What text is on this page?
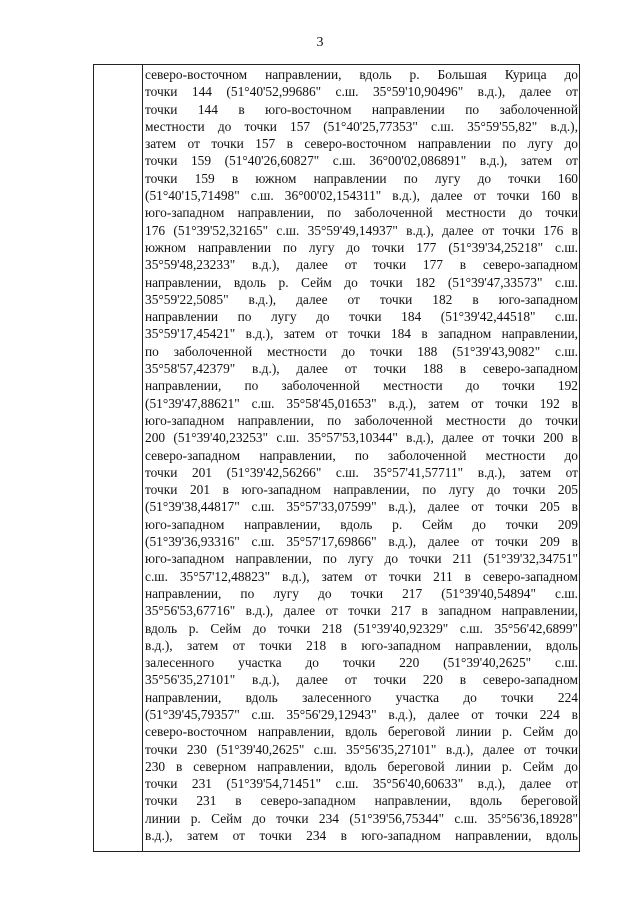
3
северо-восточном направлении, вдоль р. Большая Курица до
точки 144 (51°40'52,99686" с.ш. 35°59'10,90496" в.д.), далее от
точки 144 в юго-восточном направлении по заболоченной
местности до точки 157 (51°40'25,77353" с.ш. 35°59'55,82" в.д.),
затем от точки 157 в северо-восточном направлении по лугу до
точки 159 (51°40'26,60827" с.ш. 36°00'02,086891" в.д.), затем от
точки 159 в южном направлении по лугу до точки 160
(51°40'15,71498" с.ш. 36°00'02,154311" в.д.), далее от точки 160 в
юго-западном направлении, по заболоченной местности до точки
176 (51°39'52,32165" с.ш. 35°59'49,14937" в.д.), далее от точки 176 в
южном направлении по лугу до точки 177 (51°39'34,25218" с.ш.
35°59'48,23233" в.д.), далее от точки 177 в северо-западном
направлении, вдоль р. Сейм до точки 182 (51°39'47,33573" с.ш.
35°59'22,5085" в.д.), далее от точки 182 в юго-западном
направлении по лугу до точки 184 (51°39'42,44518" с.ш.
35°59'17,45421" в.д.), затем от точки 184 в западном направлении,
по заболоченной местности до точки 188 (51°39'43,9082" с.ш.
35°58'57,42379" в.д.), далее от точки 188 в северо-западном
направлении, по заболоченной местности до точки 192
(51°39'47,88621" с.ш. 35°58'45,01653" в.д.), затем от точки 192 в
юго-западном направлении, по заболоченной местности до точки
200 (51°39'40,23253" с.ш. 35°57'53,10344" в.д.), далее от точки 200 в
северо-западном направлении, по заболоченной местности до
точки 201 (51°39'42,56266" с.ш. 35°57'41,57711" в.д.), затем от
точки 201 в юго-западном направлении, по лугу до точки 205
(51°39'38,44817" с.ш. 35°57'33,07599" в.д.), далее от точки 205 в
юго-западном направлении, вдоль р. Сейм до точки 209
(51°39'36,93316" с.ш. 35°57'17,69866" в.д.), далее от точки 209 в
юго-западном направлении, по лугу до точки 211 (51°39'32,34751"
с.ш. 35°57'12,48823" в.д.), затем от точки 211 в северо-западном
направлении, по лугу до точки 217 (51°39'40,54894" с.ш.
35°56'53,67716" в.д.), далее от точки 217 в западном направлении,
вдоль р. Сейм до точки 218 (51°39'40,92329" с.ш. 35°56'42,6899"
в.д.), затем от точки 218 в юго-западном направлении, вдоль
залесенного участка до точки 220 (51°39'40,2625" с.ш.
35°56'35,27101" в.д.), далее от точки 220 в северо-западном
направлении, вдоль залесенного участка до точки 224
(51°39'45,79357" с.ш. 35°56'29,12943" в.д.), далее от точки 224 в
северо-восточном направлении, вдоль береговой линии р. Сейм до
точки 230 (51°39'40,2625" с.ш. 35°56'35,27101" в.д.), далее от точки
230 в северном направлении, вдоль береговой линии р. Сейм до
точки 231 (51°39'54,71451" с.ш. 35°56'40,60633" в.д.), далее от
точки 231 в северо-западном направлении, вдоль береговой
линии р. Сейм до точки 234 (51°39'56,75344" с.ш. 35°56'36,18928"
в.д.), затем от точки 234 в юго-западном направлении, вдоль
